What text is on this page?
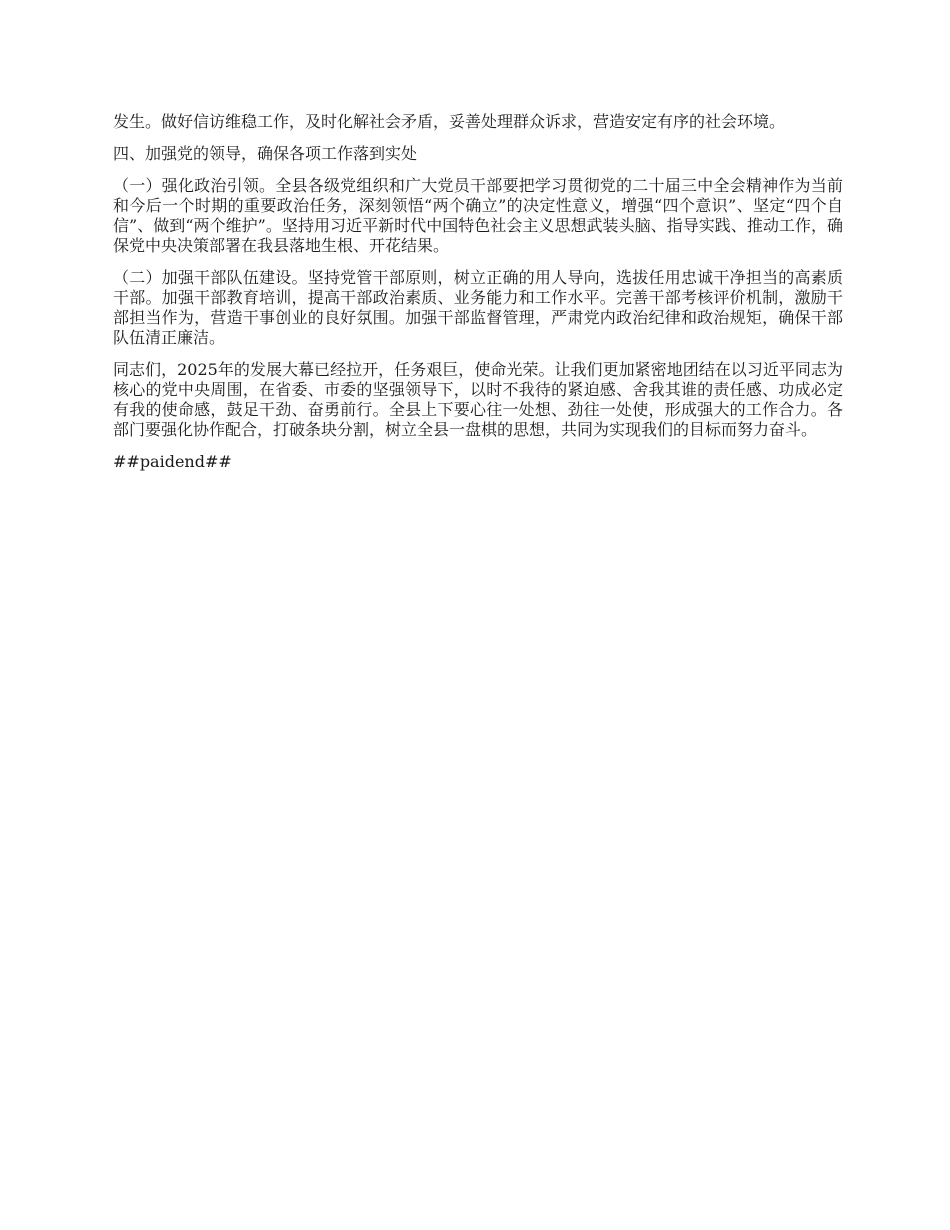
发生。做好信访维稳工作，及时化解社会矛盾，妥善处理群众诉求，营造安定有序的社会环境。

四、加强党的领导，确保各项工作落到实处

（一）强化政治引领。全县各级党组织和广大党员干部要把学习贯彻党的二十届三中全会精神作为当前和今后一个时期的重要政治任务，深刻领悟“两个确立”的决定性意义，增强“四个意识”、坚定“四个自信”、做到“两个维护”。坚持用习近平新时代中国特色社会主义思想武装头脑、指导实践、推动工作，确保党中央决策部署在我县落地生根、开花结果。

（二）加强干部队伍建设。坚持党管干部原则，树立正确的用人导向，选拔任用忠诚干净担当的高素质干部。加强干部教育培训，提高干部政治素质、业务能力和工作水平。完善干部考核评价机制，激励干部担当作为，营造干事创业的良好氛围。加强干部监督管理，严肃党内政治纪律和政治规矩，确保干部队伍清正廉洁。

同志们，2025年的发展大幕已经拉开，任务艰巨，使命光荣。让我们更加紧密地团结在以习近平同志为核心的党中央周围，在省委、市委的坚强领导下，以时不我待的紧迫感、舍我其谁的责任感、功成必定有我的使命感，鼓足干劲、奋勇前行。全县上下要心往一处想、劲往一处使，形成强大的工作合力。各部门要强化协作配合，打破条块分割，树立全县一盘棋的思想，共同为实现我们的目标而努力奋斗。

##paidend##
